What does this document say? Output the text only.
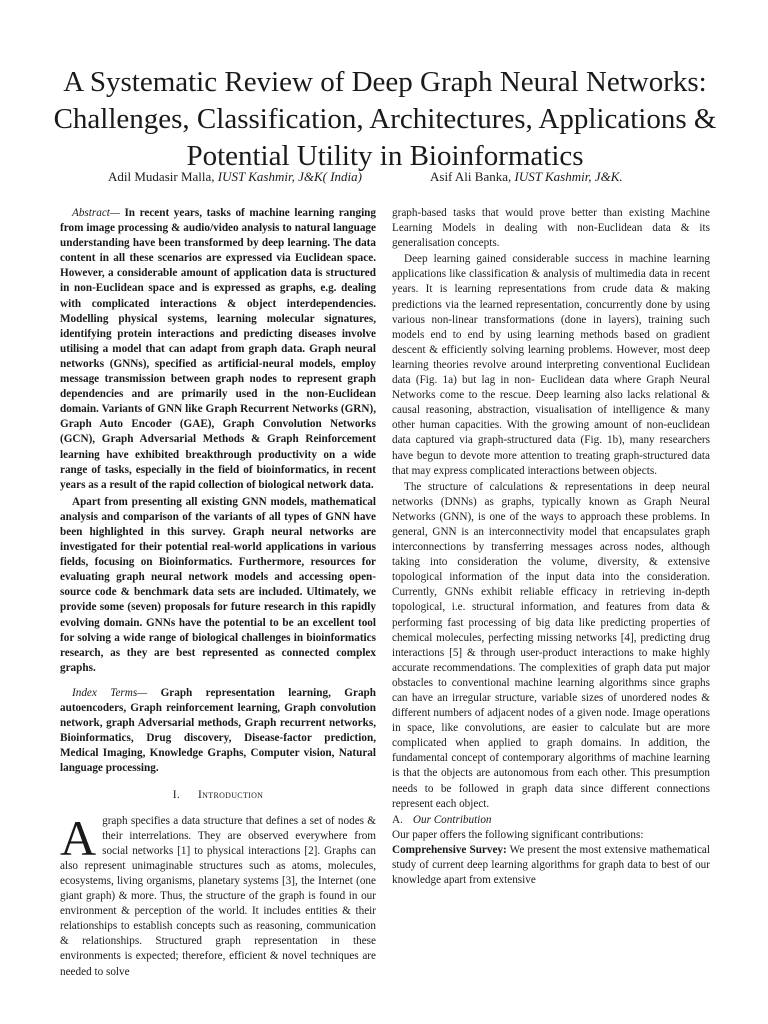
A Systematic Review of Deep Graph Neural Networks: Challenges, Classification, Architectures, Applications & Potential Utility in Bioinformatics
Adil Mudasir Malla, IUST Kashmir, J&K( India)	Asif Ali Banka, IUST Kashmir, J&K.

Abstract— In recent years, tasks of machine learning ranging from image processing & audio/video analysis to natural language understanding have been transformed by deep learning. The data content in all these scenarios are expressed via Euclidean space. However, a considerable amount of application data is structured in non-Euclidean space and is expressed as graphs, e.g. dealing with complicated interactions & object interdependencies. Modelling physical systems, learning molecular signatures, identifying protein interactions and predicting diseases involve utilising a model that can adapt from graph data. Graph neural networks (GNNs), specified as artificial-neural models, employ message transmission between graph nodes to represent graph dependencies and are primarily used in the non-Euclidean domain. Variants of GNN like Graph Recurrent Networks (GRN), Graph Auto Encoder (GAE), Graph Convolution Networks (GCN), Graph Adversarial Methods & Graph Reinforcement learning have exhibited breakthrough productivity on a wide range of tasks, especially in the field of bioinformatics, in recent years as a result of the rapid collection of biological network data.

Apart from presenting all existing GNN models, mathematical analysis and comparison of the variants of all types of GNN have been highlighted in this survey. Graph neural networks are investigated for their potential real-world applications in various fields, focusing on Bioinformatics. Furthermore, resources for evaluating graph neural network models and accessing open-source code & benchmark data sets are included. Ultimately, we provide some (seven) proposals for future research in this rapidly evolving domain. GNNs have the potential to be an excellent tool for solving a wide range of biological challenges in bioinformatics research, as they are best represented as connected complex graphs.

Index Terms— Graph representation learning, Graph autoencoders, Graph reinforcement learning, Graph convolution network, graph Adversarial methods, Graph recurrent networks, Bioinformatics, Drug discovery, Disease-factor prediction, Medical Imaging, Knowledge Graphs, Computer vision, Natural language processing.

I. Introduction

Agraph specifies a data structure that defines a set of nodes & their interrelations. They are observed everywhere from social networks [1] to physical interactions [2]. Graphs can also represent unimaginable structures such as atoms, molecules, ecosystems, living organisms, planetary systems [3], the Internet (one giant graph) & more. Thus, the structure of the graph is found in our environment & perception of the world. It includes entities & their relationships to establish concepts such as reasoning, communication & relationships. Structured graph representation in these environments is expected; therefore, efficient & novel techniques are needed to solve

graph-based tasks that would prove better than existing Machine Learning Models in dealing with non-Euclidean data & its generalisation concepts.

Deep learning gained considerable success in machine learning applications like classification & analysis of multimedia data in recent years. It is learning representations from crude data & making predictions via the learned representation, concurrently done by using various non-linear transformations (done in layers), training such models end to end by using learning methods based on gradient descent & efficiently solving learning problems. However, most deep learning theories revolve around interpreting conventional Euclidean data (Fig. 1a) but lag in non- Euclidean data where Graph Neural Networks come to the rescue. Deep learning also lacks relational & causal reasoning, abstraction, visualisation of intelligence & many other human capacities. With the growing amount of non-euclidean data captured via graph-structured data (Fig. 1b), many researchers have begun to devote more attention to treating graph-structured data that may express complicated interactions between objects.

The structure of calculations & representations in deep neural networks (DNNs) as graphs, typically known as Graph Neural Networks (GNN), is one of the ways to approach these problems. In general, GNN is an interconnectivity model that encapsulates graph interconnections by transferring messages across nodes, although taking into consideration the volume, diversity, & extensive topological information of the input data into the consideration. Currently, GNNs exhibit reliable efficacy in retrieving in-depth topological, i.e. structural information, and features from data & performing fast processing of big data like predicting properties of chemical molecules, perfecting missing networks [4], predicting drug interactions [5] & through user-product interactions to make highly accurate recommendations. The complexities of graph data put major obstacles to conventional machine learning algorithms since graphs can have an irregular structure, variable sizes of unordered nodes & different numbers of adjacent nodes of a given node. Image operations in space, like convolutions, are easier to calculate but are more complicated when applied to graph domains. In addition, the fundamental concept of contemporary algorithms of machine learning is that the objects are autonomous from each other. This presumption needs to be followed in graph data since different connections represent each object.

A. Our Contribution

Our paper offers the following significant contributions:

Comprehensive Survey: We present the most extensive mathematical study of current deep learning algorithms for graph data to best of our knowledge apart from extensive
